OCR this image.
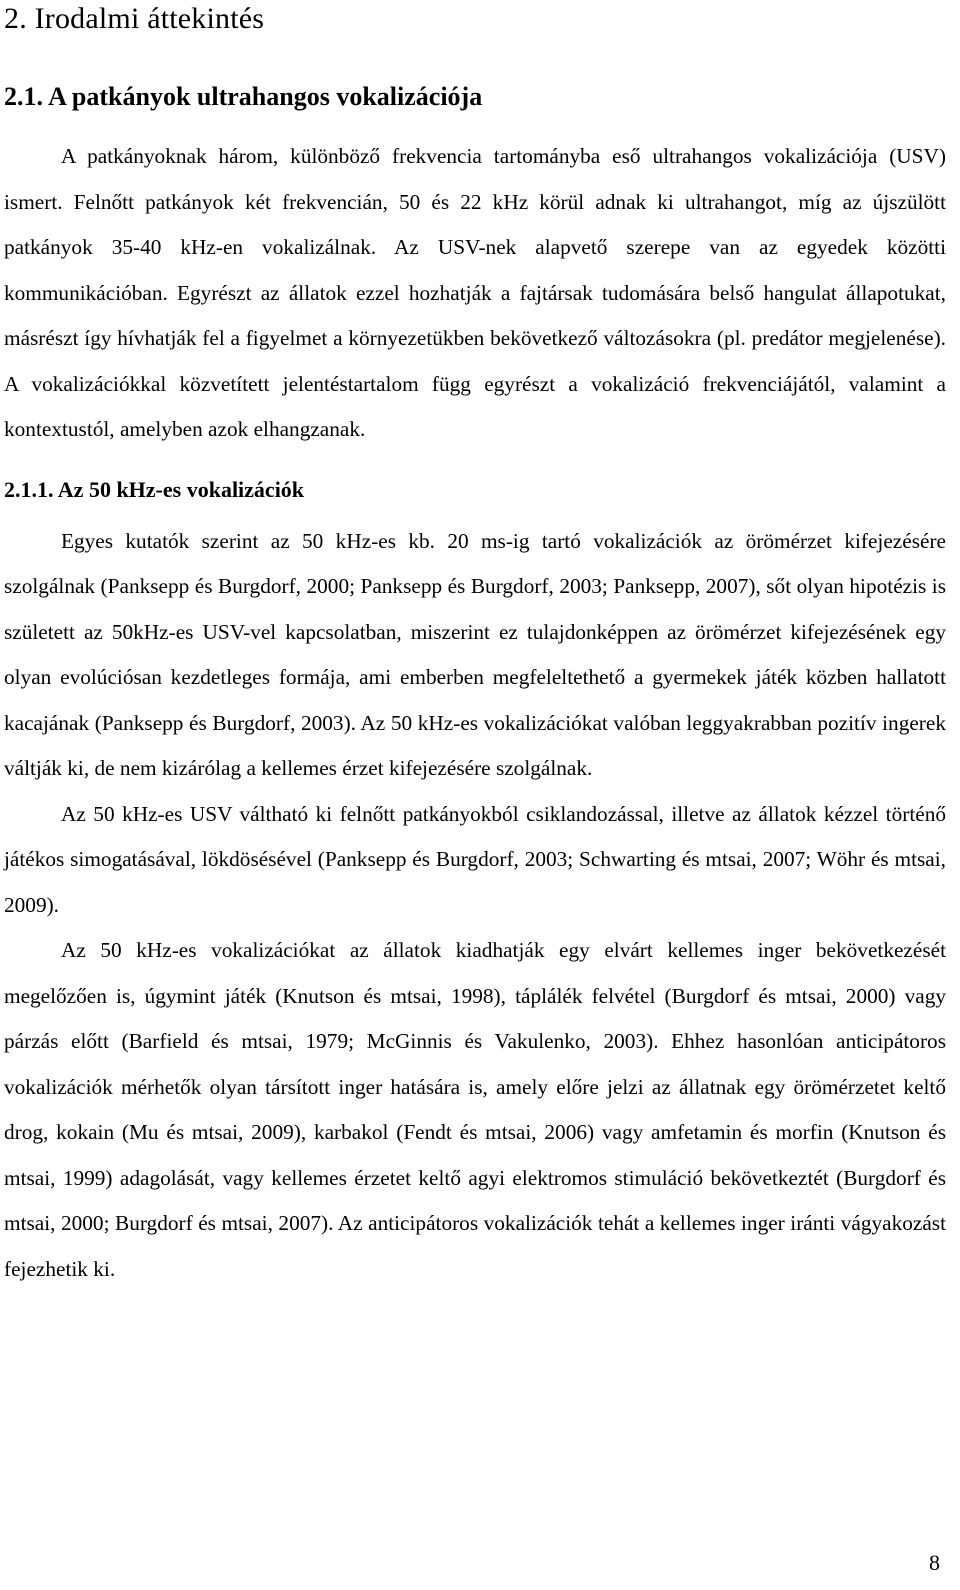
2. Irodalmi áttekintés
2.1. A patkányok ultrahangos vokalizációja

A patkányoknak három, különböző frekvencia tartományba eső ultrahangos vokalizációja (USV) ismert. Felnőtt patkányok két frekvencián, 50 és 22 kHz körül adnak ki ultrahangot, míg az újszülött patkányok 35-40 kHz-en vokalizálnak. Az USV-nek alapvető szerepe van az egyedek közötti kommunikációban. Egyrészt az állatok ezzel hozhatják a fajtársak tudomására belső hangulat állapotukat, másrészt így hívhatják fel a figyelmet a környezetükben bekövetkező változásokra (pl. predátor megjelenése). A vokalizációkkal közvetített jelentéstartalom függ egyrészt a vokalizáció frekvenciájától, valamint a kontextustól, amelyben azok elhangzanak.

2.1.1. Az 50 kHz-es vokalizációk

Egyes kutatók szerint az 50 kHz-es kb. 20 ms-ig tartó vokalizációk az örömérzet kifejezésére szolgálnak (Panksepp és Burgdorf, 2000; Panksepp és Burgdorf, 2003; Panksepp, 2007), sőt olyan hipotézis is született az 50kHz-es USV-vel kapcsolatban, miszerint ez tulajdonképpen az örömérzet kifejezésének egy olyan evolúciósan kezdetleges formája, ami emberben megfeleltethető a gyermekek játék közben hallatott kacajának (Panksepp és Burgdorf, 2003). Az 50 kHz-es vokalizációkat valóban leggyakrabban pozitív ingerek váltják ki, de nem kizárólag a kellemes érzet kifejezésére szolgálnak.

Az 50 kHz-es USV váltható ki felnőtt patkányokból csiklandozással, illetve az állatok kézzel történő játékos simogatásával, lökdösésével (Panksepp és Burgdorf, 2003; Schwarting és mtsai, 2007; Wöhr és mtsai, 2009).

Az 50 kHz-es vokalizációkat az állatok kiadhatják egy elvárt kellemes inger bekövetkezését megelőzően is, úgymint játék (Knutson és mtsai, 1998), táplálék felvétel (Burgdorf és mtsai, 2000) vagy párzás előtt (Barfield és mtsai, 1979; McGinnis és Vakulenko, 2003). Ehhez hasonlóan anticipátoros vokalizációk mérhetők olyan társított inger hatására is, amely előre jelzi az állatnak egy örömérzetet keltő drog, kokain (Mu és mtsai, 2009), karbakol (Fendt és mtsai, 2006) vagy amfetamin és morfin (Knutson és mtsai, 1999) adagolását, vagy kellemes érzetet keltő agyi elektromos stimuláció bekövetkeztét (Burgdorf és mtsai, 2000; Burgdorf és mtsai, 2007). Az anticipátoros vokalizációk tehát a kellemes inger iránti vágyakozást fejezhetik ki.

8
